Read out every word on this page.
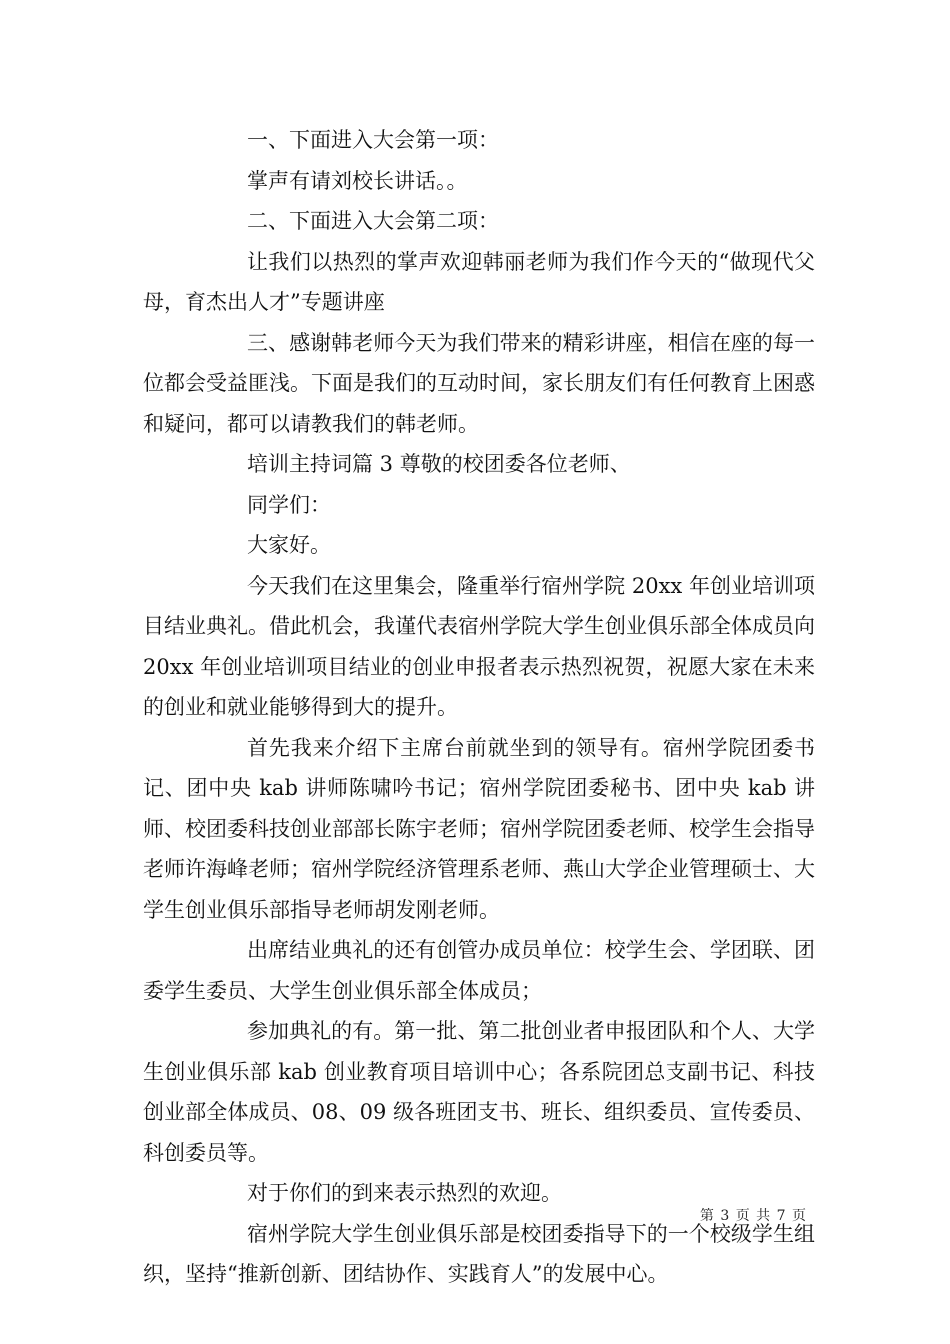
一、下面进入大会第一项：

掌声有请刘校长讲话。。

二、下面进入大会第二项：

让我们以热烈的掌声欢迎韩丽老师为我们作今天的“做现代父母，育杰出人才”专题讲座

三、感谢韩老师今天为我们带来的精彩讲座，相信在座的每一位都会受益匪浅。下面是我们的互动时间，家长朋友们有任何教育上困惑和疑问，都可以请教我们的韩老师。

培训主持词篇 3 尊敬的校团委各位老师、

同学们：

大家好。

今天我们在这里集会，隆重举行宿州学院 20xx 年创业培训项目结业典礼。借此机会，我谨代表宿州学院大学生创业俱乐部全体成员向 20xx 年创业培训项目结业的创业申报者表示热烈祝贺，祝愿大家在未来的创业和就业能够得到大的提升。

首先我来介绍下主席台前就坐到的领导有。宿州学院团委书记、团中央 kab 讲师陈啸吟书记；宿州学院团委秘书、团中央 kab 讲师、校团委科技创业部部长陈宇老师；宿州学院团委老师、校学生会指导老师许海峰老师；宿州学院经济管理系老师、燕山大学企业管理硕士、大学生创业俱乐部指导老师胡发刚老师。

出席结业典礼的还有创管办成员单位：校学生会、学团联、团委学生委员、大学生创业俱乐部全体成员；

参加典礼的有。第一批、第二批创业者申报团队和个人、大学生创业俱乐部 kab 创业教育项目培训中心；各系院团总支副书记、科技创业部全体成员、08、09 级各班团支书、班长、组织委员、宣传委员、科创委员等。

对于你们的到来表示热烈的欢迎。

宿州学院大学生创业俱乐部是校团委指导下的一个校级学生组织，坚持“推新创新、团结协作、实践育人”的发展中心。

第 3 页 共 7 页
